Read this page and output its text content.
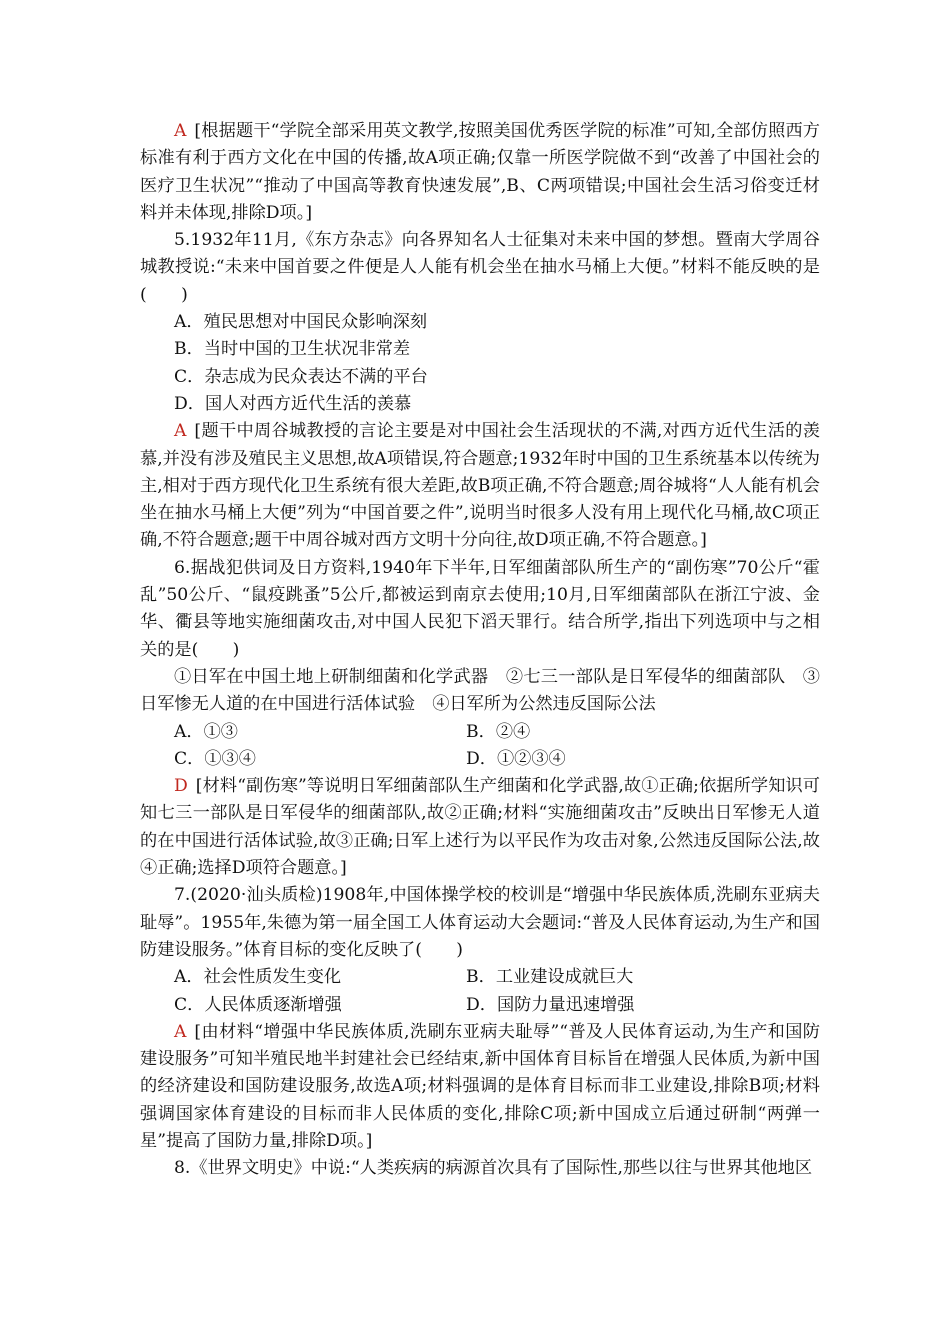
A [根据题干“学院全部采用英文教学,按照美国优秀医学院的标准”可知,全部仿照西方标准有利于西方文化在中国的传播,故A项正确;仅靠一所医学院做不到“改善了中国社会的医疗卫生状况”“推动了中国高等教育快速发展”,B、C两项错误;中国社会生活习俗变迁材料并未体现,排除D项。]

5.1932年11月,《东方杂志》向各界知名人士征集对未来中国的梦想。暨南大学周谷城教授说:“未来中国首要之件便是人人能有机会坐在抽水马桶上大便。”材料不能反映的是(　　)

A．殖民思想对中国民众影响深刻
B．当时中国的卫生状况非常差
C．杂志成为民众表达不满的平台
D．国人对西方近代生活的羡慕

A [题干中周谷城教授的言论主要是对中国社会生活现状的不满,对西方近代生活的羡慕,并没有涉及殖民主义思想,故A项错误,符合题意;1932年时中国的卫生系统基本以传统为主,相对于西方现代化卫生系统有很大差距,故B项正确,不符合题意;周谷城将“人人能有机会坐在抽水马桶上大便”列为“中国首要之件”,说明当时很多人没有用上现代化马桶,故C项正确,不符合题意;题干中周谷城对西方文明十分向往,故D项正确,不符合题意。]

6.据战犯供词及日方资料,1940年下半年,日军细菌部队所生产的“副伤寒”70公斤“霍乱”50公斤、“鼠疫跳蚤”5公斤,都被运到南京去使用;10月,日军细菌部队在浙江宁波、金华、衢县等地实施细菌攻击,对中国人民犯下滔天罪行。结合所学,指出下列选项中与之相关的是(　　)

①日军在中国土地上研制细菌和化学武器　②七三一部队是日军侵华的细菌部队　③日军惨无人道的在中国进行活体试验　④日军所为公然违反国际公法

A．①③	B．②④
C．①③④	D．①②③④

D [材料“副伤寒”等说明日军细菌部队生产细菌和化学武器,故①正确;依据所学知识可知七三一部队是日军侵华的细菌部队,故②正确;材料“实施细菌攻击”反映出日军惨无人道的在中国进行活体试验,故③正确;日军上述行为以平民作为攻击对象,公然违反国际公法,故④正确;选择D项符合题意。]

7.(2020·汕头质检)1908年,中国体操学校的校训是“增强中华民族体质,洗刷东亚病夫耻辱”。1955年,朱德为第一届全国工人体育运动大会题词:“普及人民体育运动,为生产和国防建设服务。”体育目标的变化反映了(　　)

A．社会性质发生变化	B．工业建设成就巨大
C．人民体质逐渐增强	D．国防力量迅速增强

A [由材料“增强中华民族体质,洗刷东亚病夫耻辱”“普及人民体育运动,为生产和国防建设服务”可知半殖民地半封建社会已经结束,新中国体育目标旨在增强人民体质,为新中国的经济建设和国防建设服务,故选A项;材料强调的是体育目标而非工业建设,排除B项;材料强调国家体育建设的目标而非人民体质的变化,排除C项;新中国成立后通过研制“两弹一星”提高了国防力量,排除D项。]

8.《世界文明史》中说:“人类疾病的病源首次具有了国际性,那些以往与世界其他地区
